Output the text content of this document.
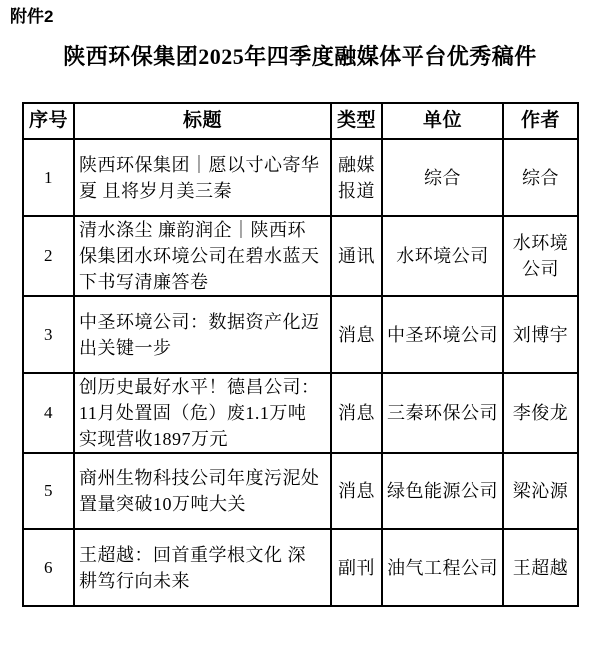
附件2
陕西环保集团2025年四季度融媒体平台优秀稿件
序号	标题	类型	单位	作者
1	陕西环保集团｜愿以寸心寄华
夏 且将岁月美三秦	融媒
报道	综合	综合
2	清水涤尘 廉韵润企｜陕西环
保集团水环境公司在碧水蓝天
下书写清廉答卷	通讯	水环境公司	水环境
公司
3	中圣环境公司：数据资产化迈
出关键一步	消息	中圣环境公司	刘博宇
4	创历史最好水平！德昌公司：
11月处置固（危）废1.1万吨
实现营收1897万元	消息	三秦环保公司	李俊龙
5	商州生物科技公司年度污泥处
置量突破10万吨大关	消息	绿色能源公司	梁沁源
6	王超越：回首重学根文化 深
耕笃行向未来	副刊	油气工程公司	王超越
